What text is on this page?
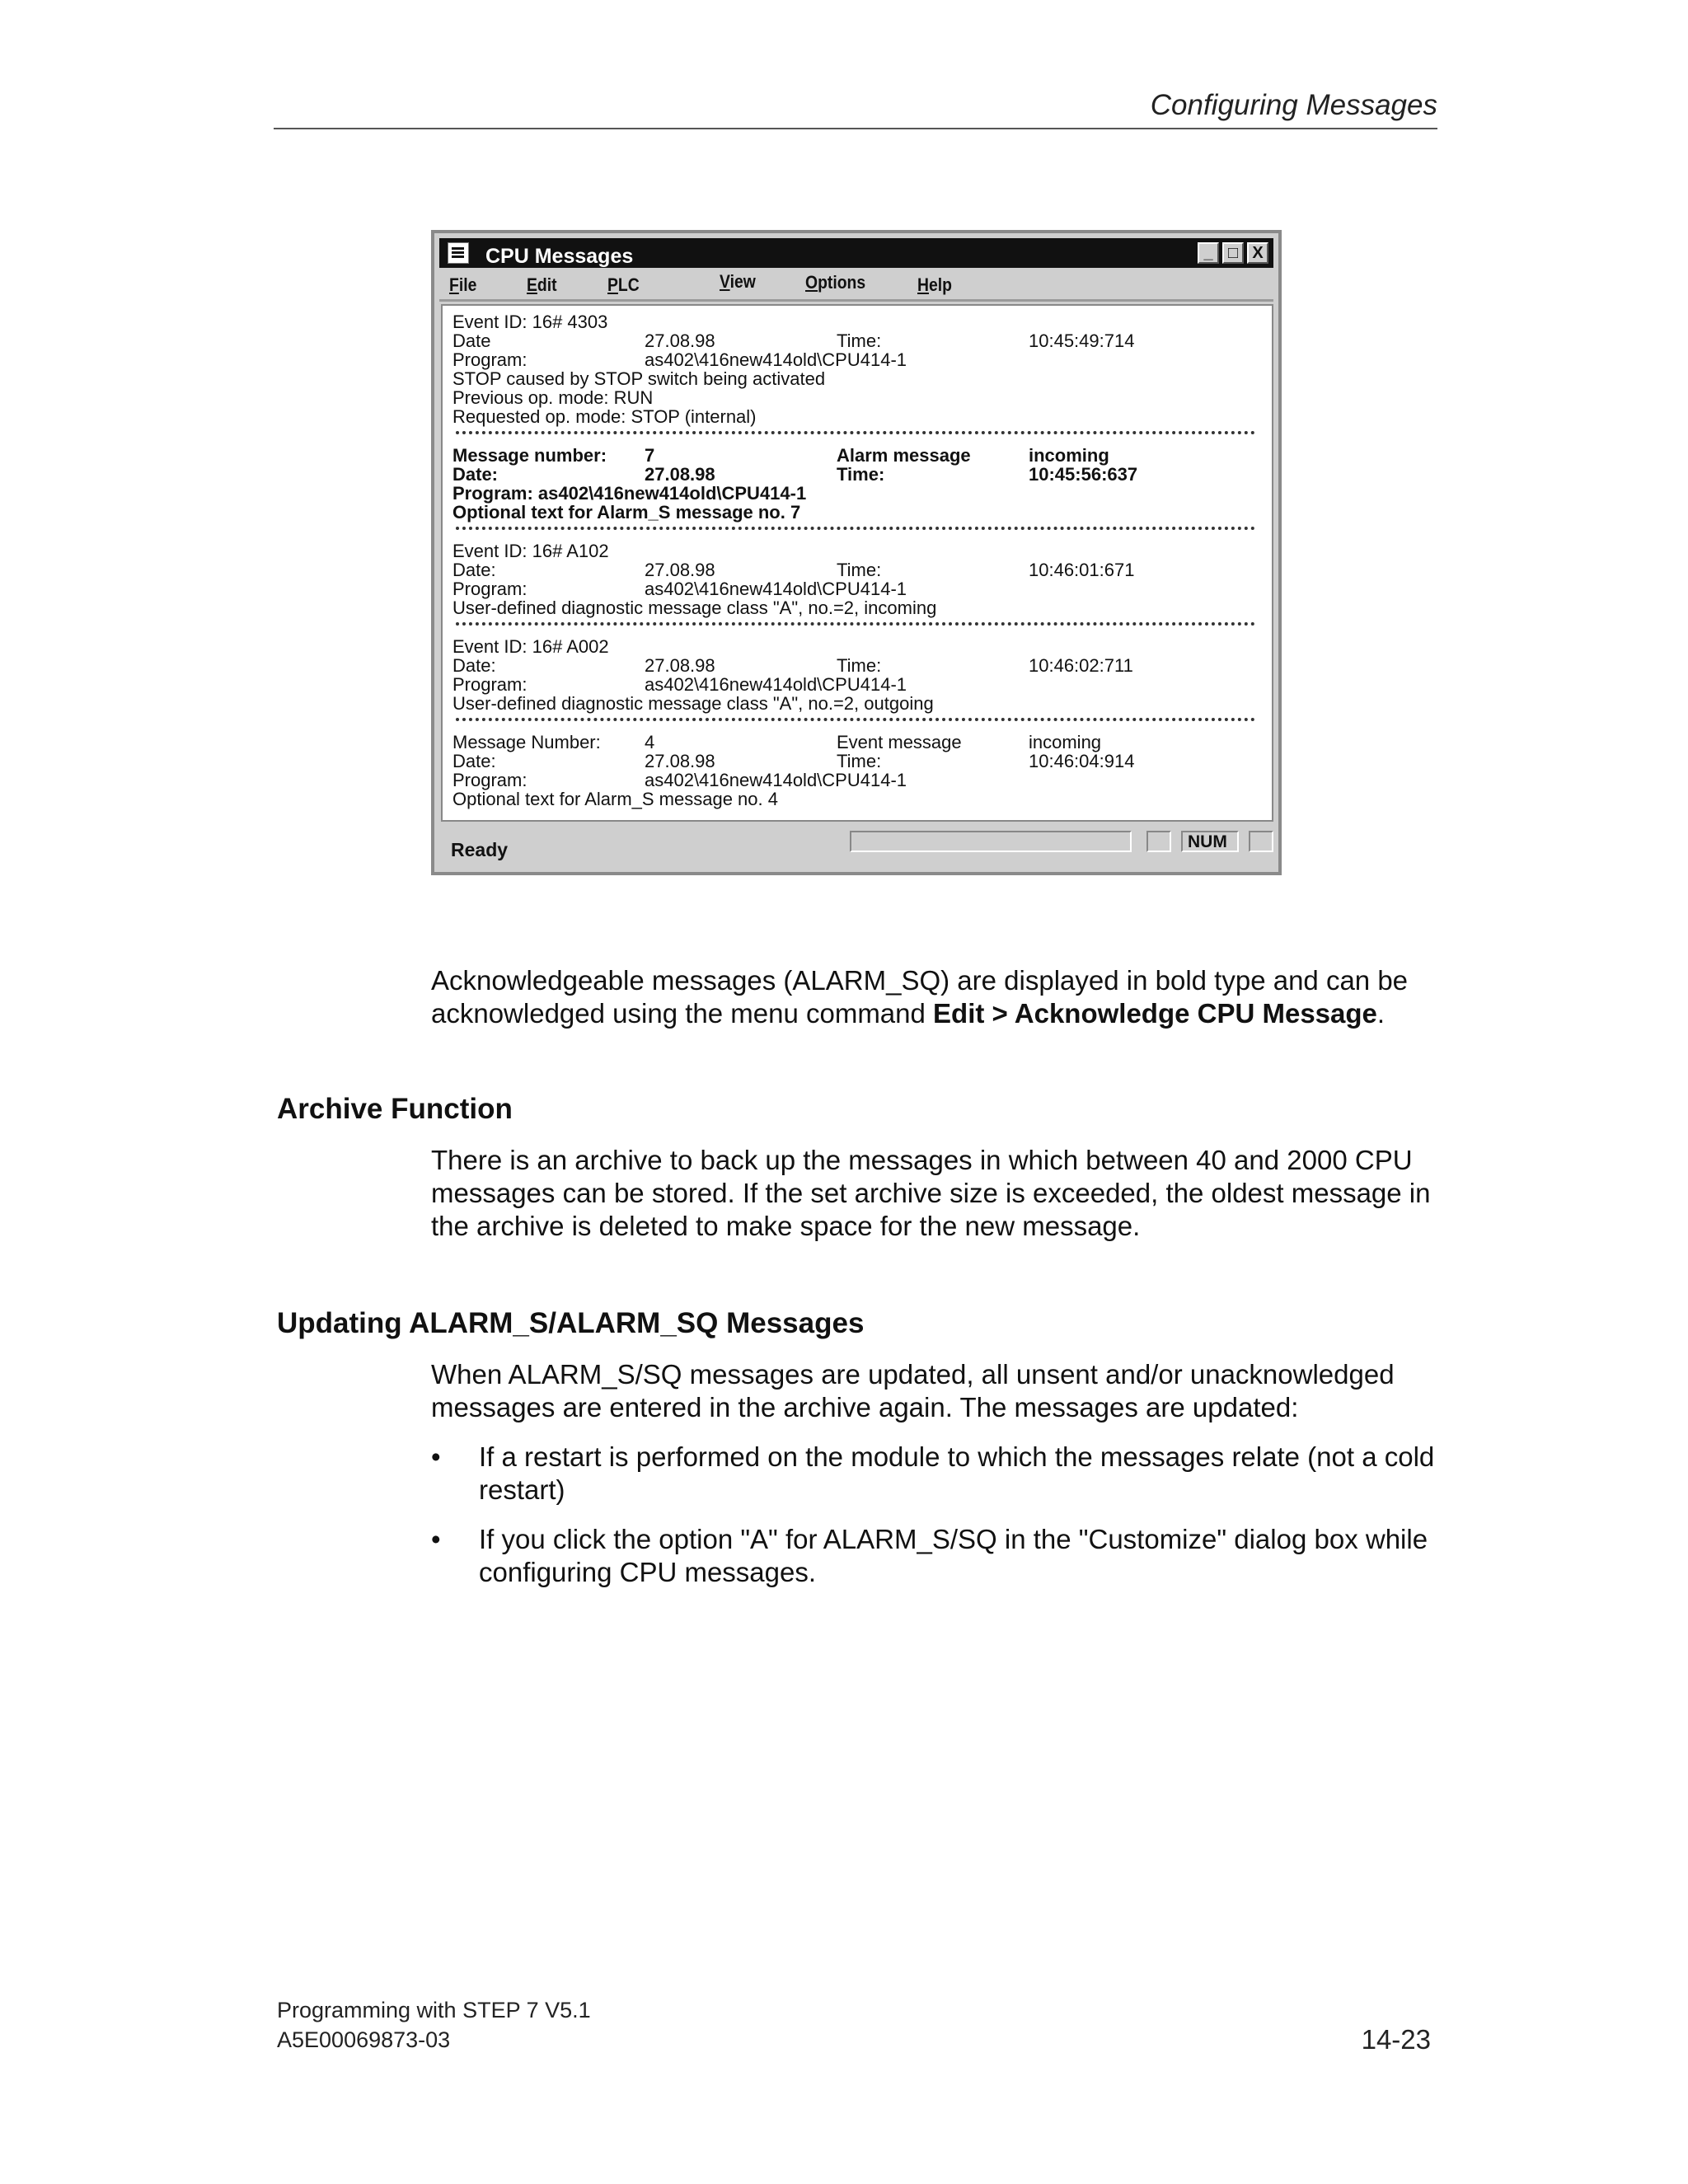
Configuring Messages
CPU Messages	_ □ X
File	Edit	PLC	View	Options	Help
Event ID: 16# 4303
Date	27.08.98	Time:	10:45:49:714
Program:	as402\416new414old\CPU414-1
STOP caused by STOP switch being activated
Previous op. mode: RUN
Requested op. mode: STOP (internal)
Message number: 7	Alarm message	incoming
Date:	27.08.98	Time:	10:45:56:637
Program: as402\416new414old\CPU414-1
Optional text for Alarm_S message no. 7
Event ID: 16# A102
Date:	27.08.98	Time:	10:46:01:671
Program:	as402\416new414old\CPU414-1
User-defined diagnostic message class "A", no.=2, incoming
Event ID: 16# A002
Date:	27.08.98	Time:	10:46:02:711
Program:	as402\416new414old\CPU414-1
User-defined diagnostic message class "A", no.=2, outgoing
Message Number: 4	Event message	incoming
Date:	27.08.98	Time:	10:46:04:914
Program:	as402\416new414old\CPU414-1
Optional text for Alarm_S message no. 4
Ready	NUM
Acknowledgeable messages (ALARM_SQ) are displayed in bold type and can be acknowledged using the menu command Edit > Acknowledge CPU Message.
Archive Function
There is an archive to back up the messages in which between 40 and 2000 CPU messages can be stored. If the set archive size is exceeded, the oldest message in the archive is deleted to make space for the new message.
Updating ALARM_S/ALARM_SQ Messages
When ALARM_S/SQ messages are updated, all unsent and/or unacknowledged messages are entered in the archive again. The messages are updated:
• If a restart is performed on the module to which the messages relate (not a cold restart)
• If you click the option "A" for ALARM_S/SQ in the "Customize" dialog box while configuring CPU messages.
Programming with STEP 7 V5.1
A5E00069873-03	14-23
